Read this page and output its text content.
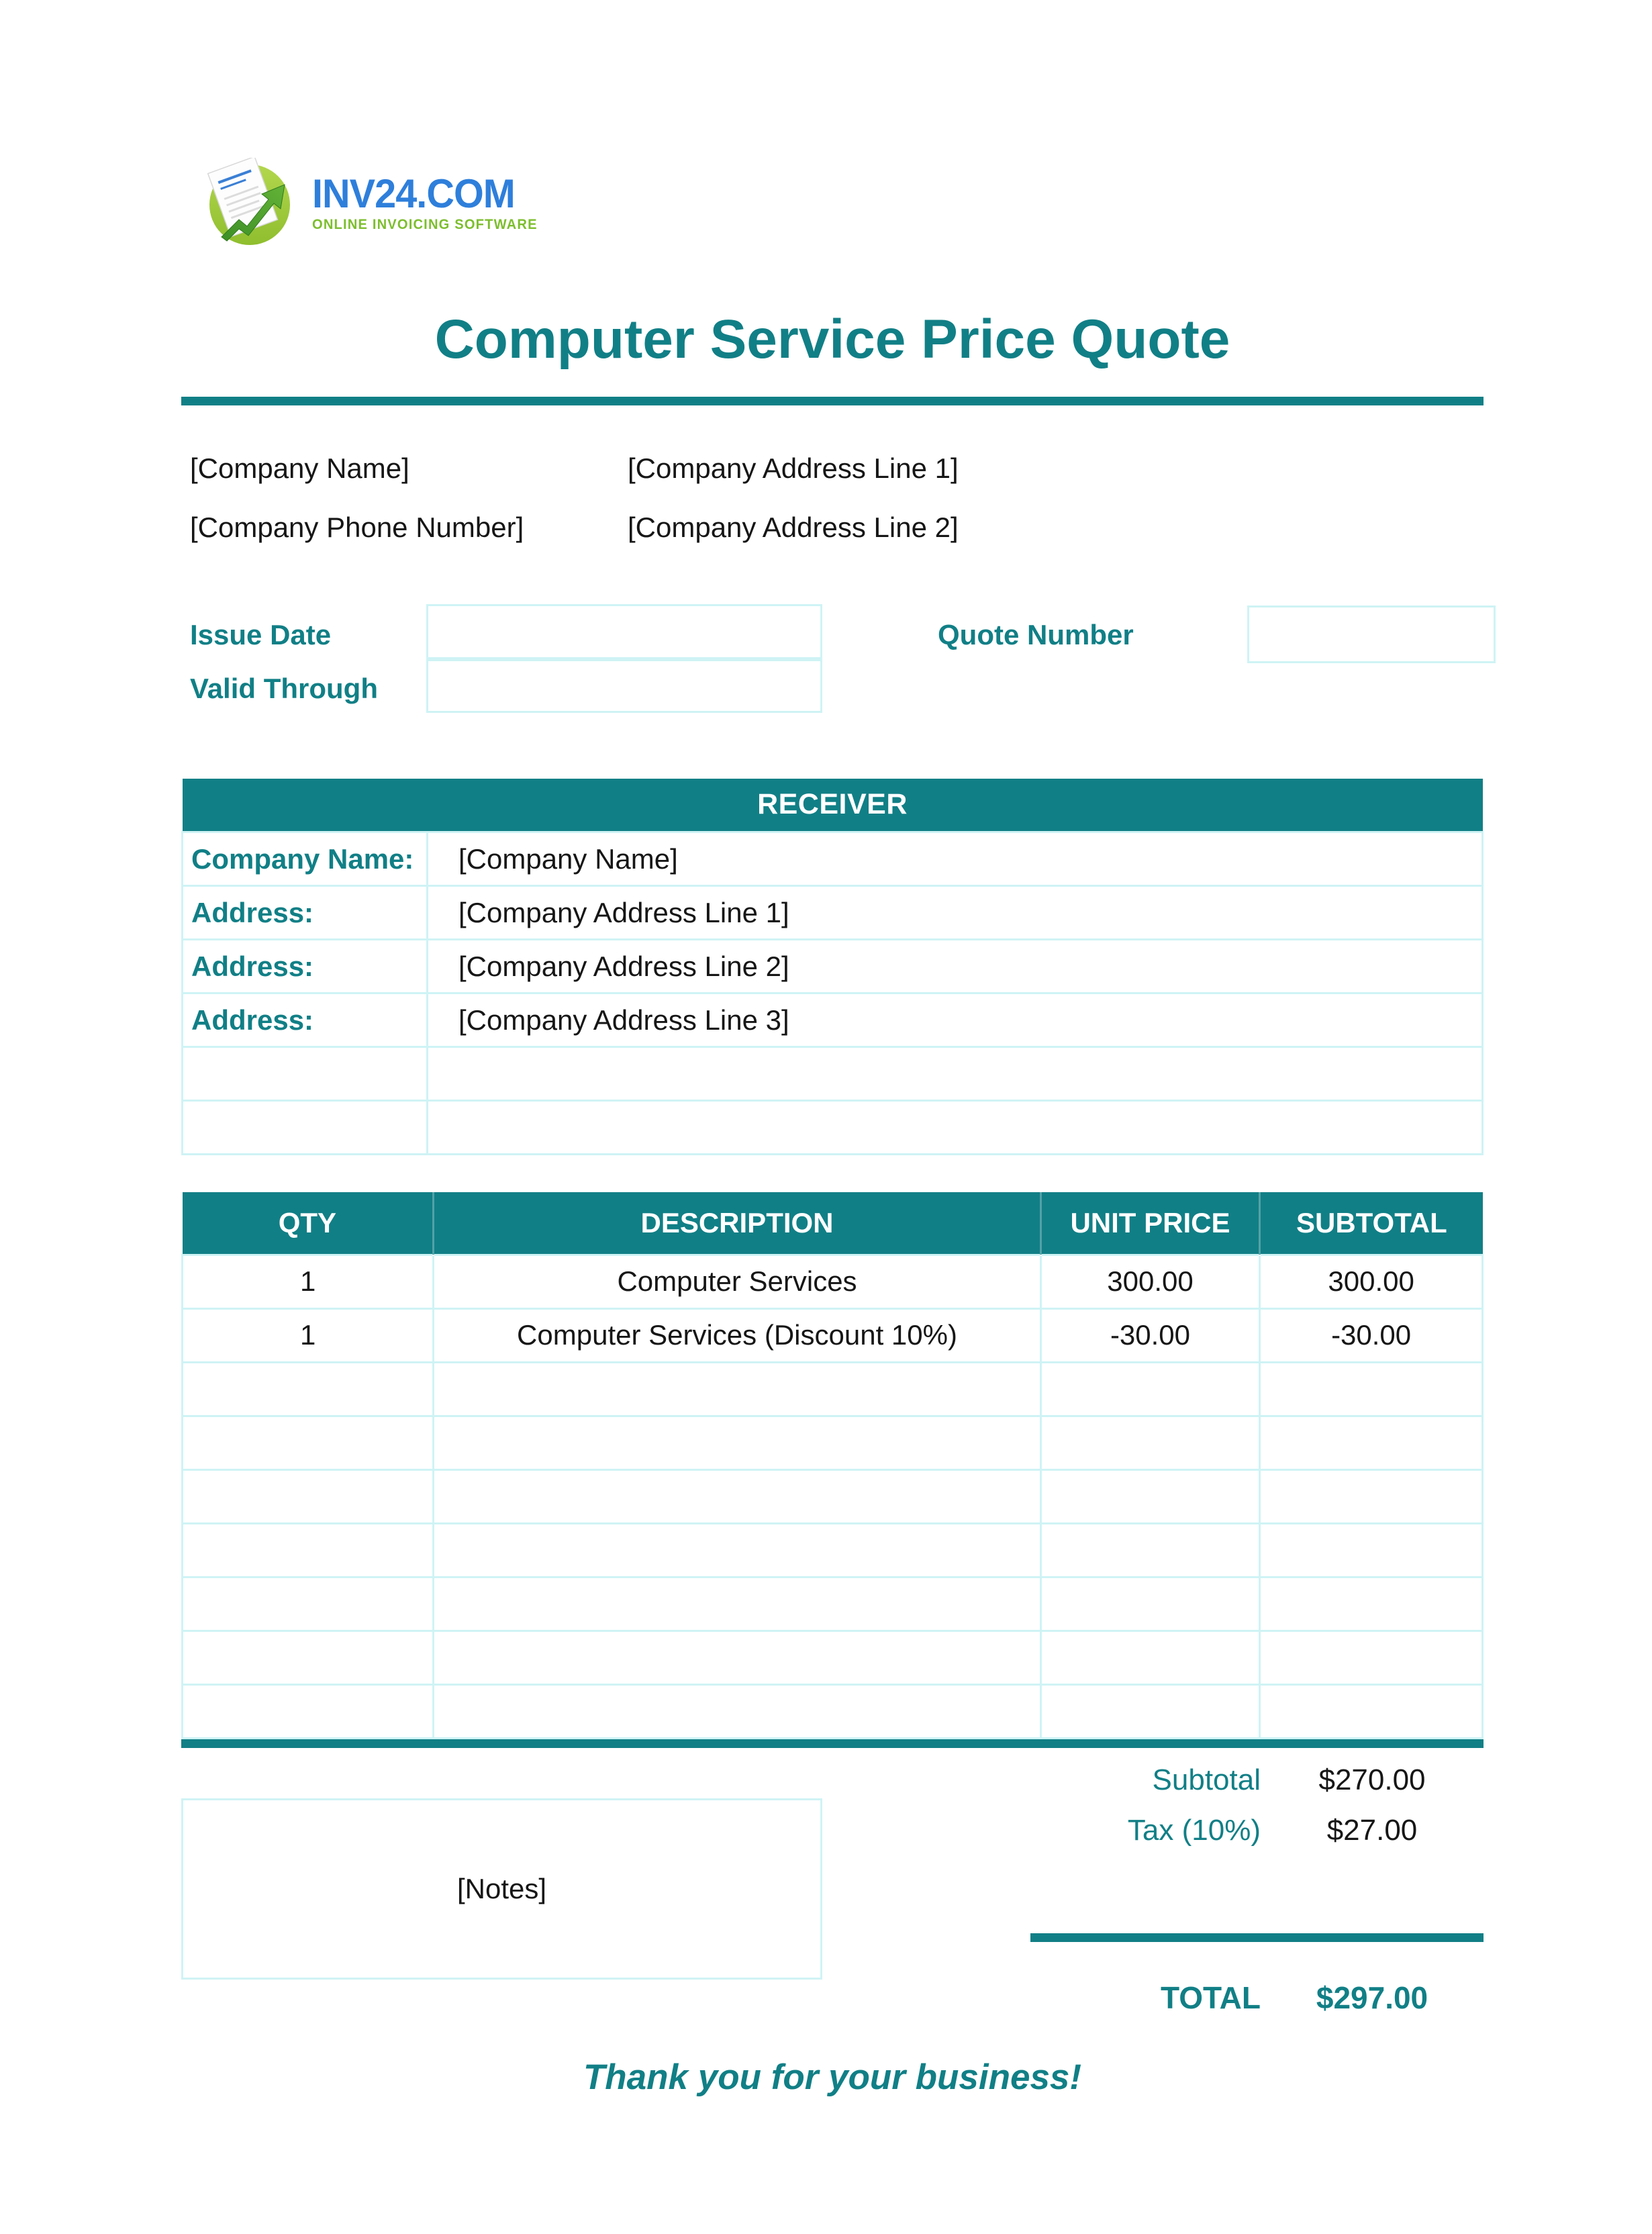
INV24.COM
ONLINE INVOICING SOFTWARE
Computer Service Price Quote
[Company Name]	[Company Address Line 1]
[Company Phone Number]	[Company Address Line 2]
Issue Date
Valid Through
Quote Number
RECEIVER	
Company Name:	[Company Name]
Address:	[Company Address Line 1]
Address:	[Company Address Line 2]
Address:	[Company Address Line 3]

QTY	DESCRIPTION	UNIT PRICE	SUBTOTAL
1	Computer Services	300.00	300.00
1	Computer Services (Discount 10%)	-30.00	-30.00

Subtotal	$270.00
Tax (10%)	$27.00
[Notes]
TOTAL	$297.00
Thank you for your business!
